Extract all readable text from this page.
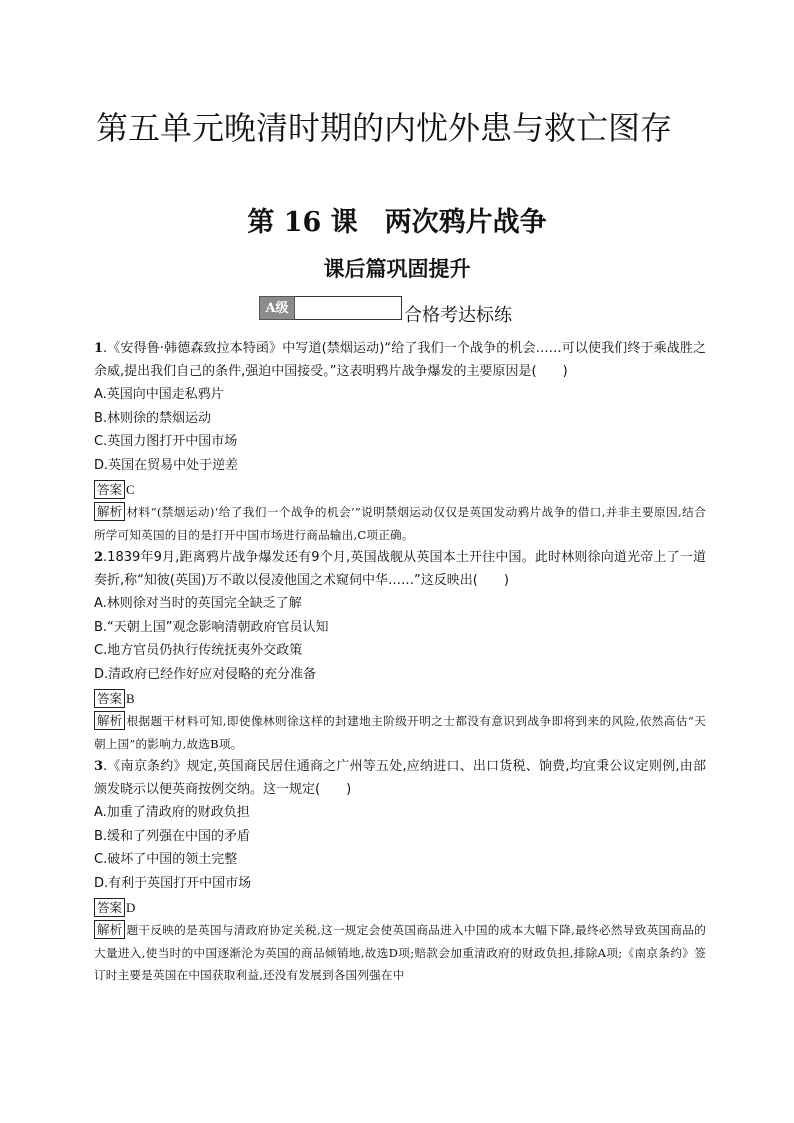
第五单元晚清时期的内忧外患与救亡图存
第 16 课　两次鸦片战争
课后篇巩固提升
A级	合格考达标练

1.《安得鲁·韩德森致拉本特函》中写道(禁烟运动)“给了我们一个战争的机会……可以使我们终于乘战胜之余威,提出我们自己的条件,强迫中国接受。”这表明鸦片战争爆发的主要原因是(　　)

A.英国向中国走私鸦片

B.林则徐的禁烟运动

C.英国力图打开中国市场

D.英国在贸易中处于逆差

答案 C

解析 材料“(禁烟运动)‘给了我们一个战争的机会’”说明禁烟运动仅仅是英国发动鸦片战争的借口,并非主要原因,结合所学可知英国的目的是打开中国市场进行商品输出,C项正确。

2.1839年9月,距离鸦片战争爆发还有9个月,英国战舰从英国本土开往中国。此时林则徐向道光帝上了一道奏折,称“知彼(英国)万不敢以侵凌他国之术窥伺中华……”这反映出(　　)

A.林则徐对当时的英国完全缺乏了解

B.“天朝上国”观念影响清朝政府官员认知

C.地方官员仍执行传统抚夷外交政策

D.清政府已经作好应对侵略的充分准备

答案 B

解析 根据题干材料可知,即使像林则徐这样的封建地主阶级开明之士都没有意识到战争即将到来的风险,依然高估“天朝上国”的影响力,故选B项。

3.《南京条约》规定,英国商民居住通商之广州等五处,应纳进口、出口货税、饷费,均宜秉公议定则例,由部颁发晓示以便英商按例交纳。这一规定(　　)

A.加重了清政府的财政负担

B.缓和了列强在中国的矛盾

C.破坏了中国的领土完整

D.有利于英国打开中国市场

答案 D

解析 题干反映的是英国与清政府协定关税,这一规定会使英国商品进入中国的成本大幅下降,最终必然导致英国商品的大量进入,使当时的中国逐渐沦为英国的商品倾销地,故选D项;赔款会加重清政府的财政负担,排除A项;《南京条约》签订时主要是英国在中国获取利益,还没有发展到各国列强在中
